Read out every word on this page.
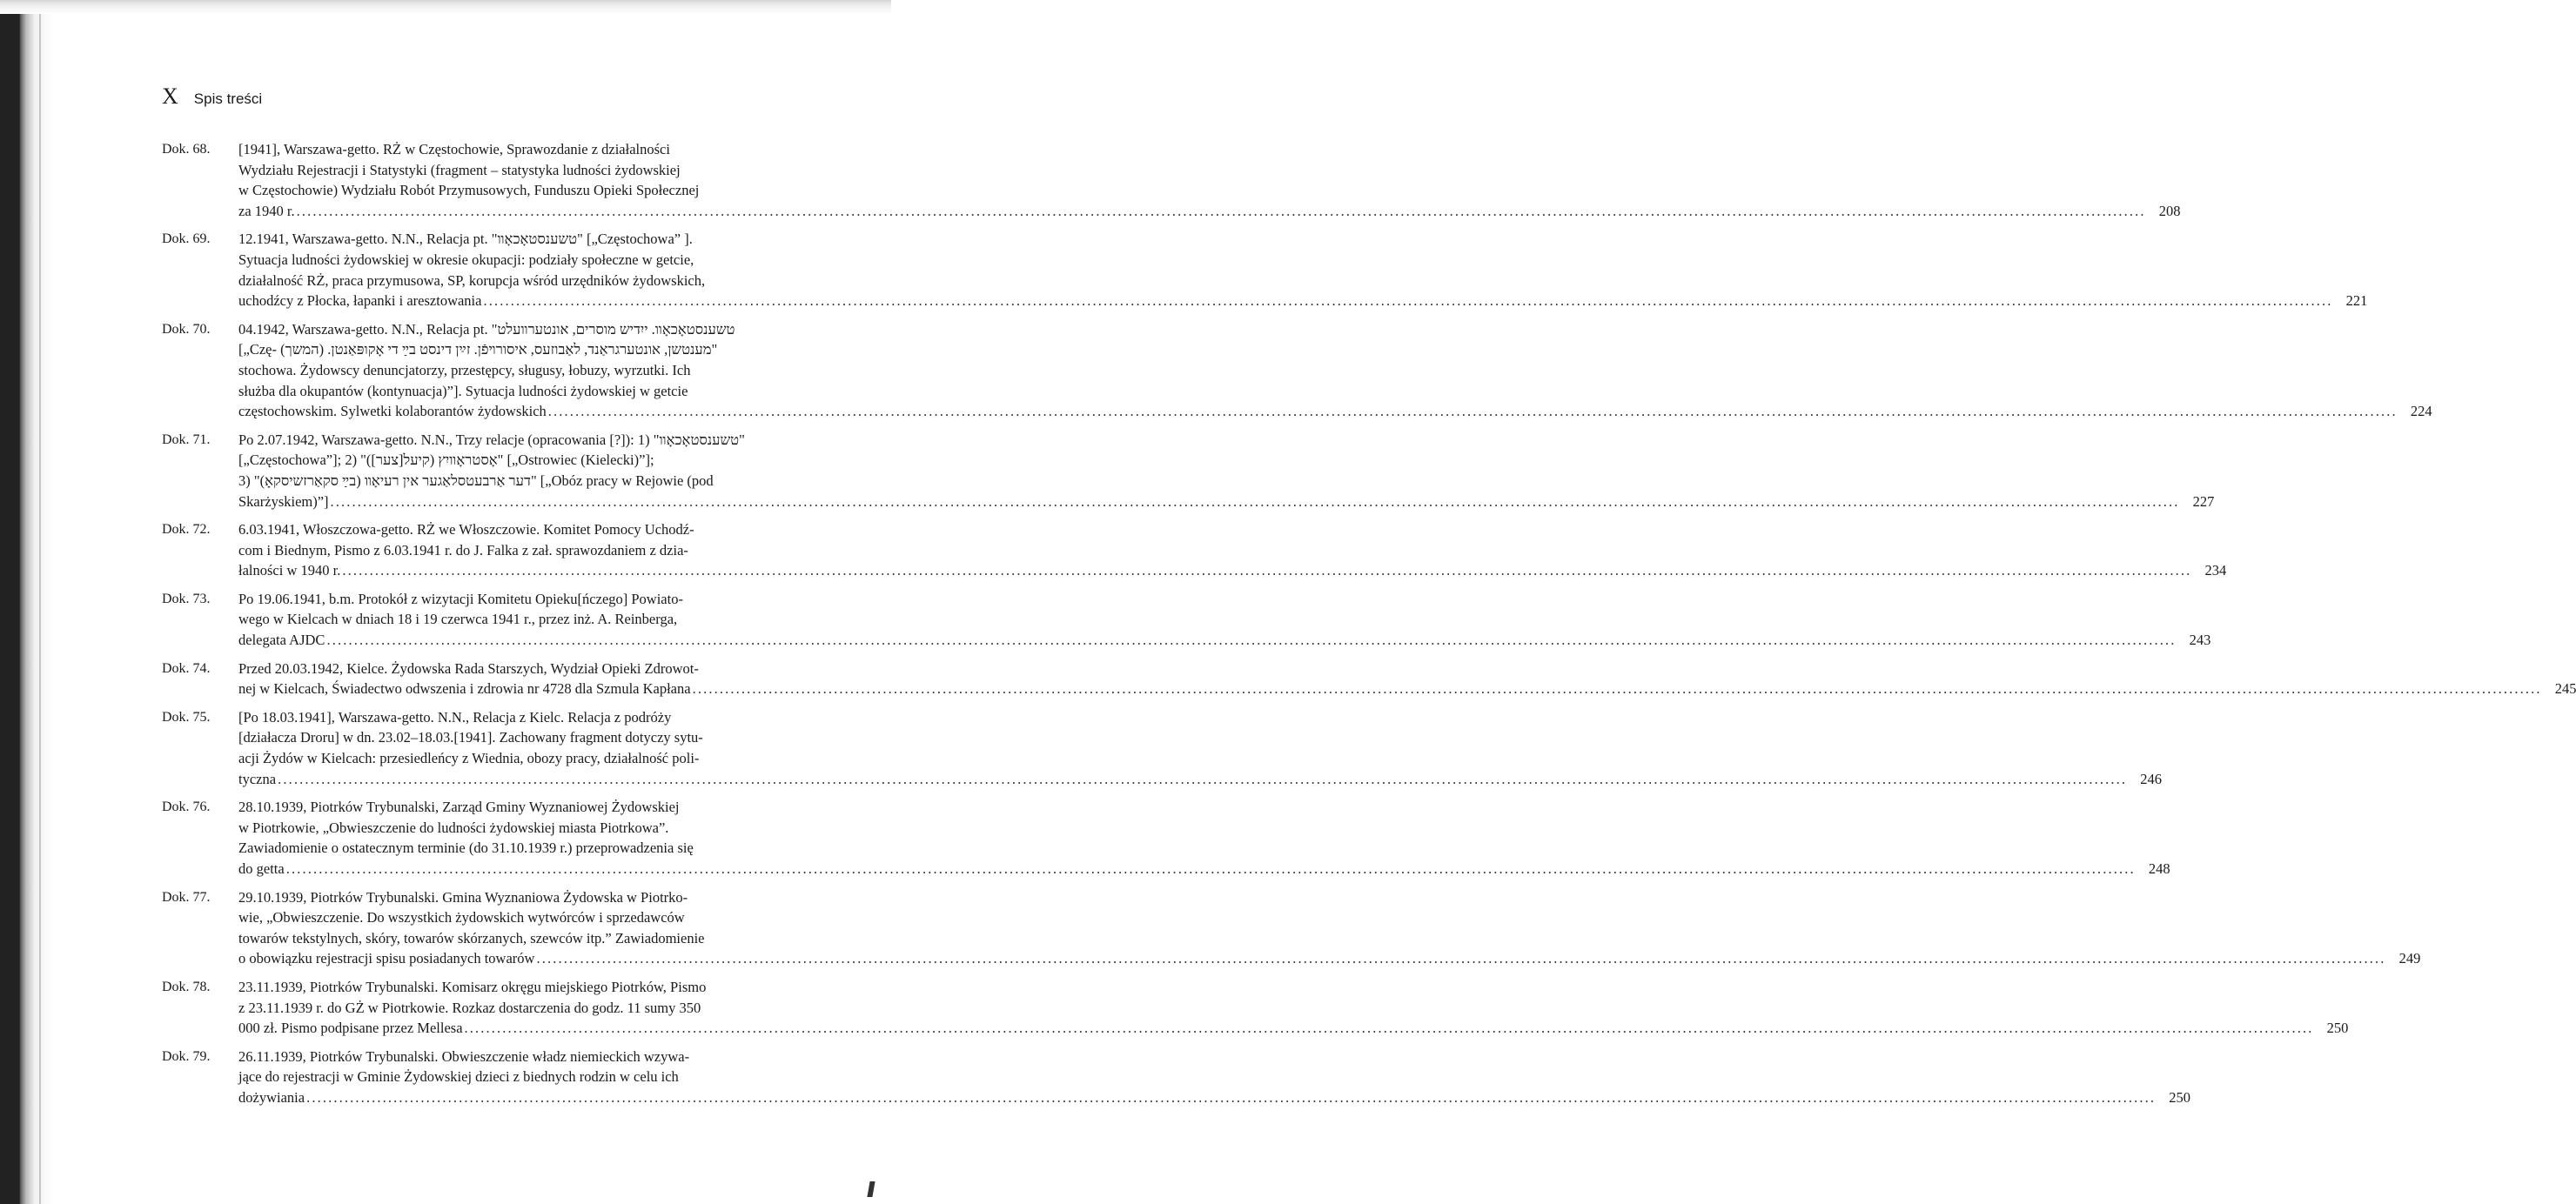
X Spis treści
Dok. 68.	[1941], Warszawa-getto. RŻ w Częstochowie, Sprawozdanie z działalności
Wydziału Rejestracji i Statystyki (fragment – statystyka ludności żydowskiej
w Częstochowie) Wydziału Robót Przymusowych, Funduszu Opieki Społecznej
za 1940 r. . . .	208
Dok. 69.	12.1941, Warszawa-getto. N.N., Relacja pt. "טשענסטאָכאָװ" [„Częstochowa” ].
Sytuacja ludności żydowskiej w okresie okupacji: podziały społeczne w getcie,
działalność RŻ, praca przymusowa, SP, korupcja wśród urzędników żydowskich,
uchodźcy z Płocka, łapanki i aresztowania . . .	221
Dok. 70.	04.1942, Warszawa-getto. N.N., Relacja pt. "טשענסטאָכאָװ. ייִדיש מוסרים, אונטערװעלט
[„Czę- מענטשן, אונטערגראַנד, לאַבוזעס, איסורױפֿן. זײַן דינסט בײַ די אָקופּאַנטן. (המשך)"
stochowa. Żydowscy denuncjatorzy, przestępcy, sługusy, łobuzy, wyrzutki. Ich
służba dla okupantów (kontynuacja)”]. Sytuacja ludności żydowskiej w getcie
częstochowskim. Sylwetki kolaborantów żydowskich . . .	224
Dok. 71.	Po 2.07.1942, Warszawa-getto. N.N., Trzy relacje (opracowania [?]): 1) "טשענסטאָכאָװ"
[„Częstochowa”]; 2) "אָסטראָװיִץ (קיעל[צער])" [„Ostrowiec (Kielecki)”];
3) "דער אַרבעטסלאַגער אין רעיאָװ (בײַ סקאַרזשיסקאָ)" [„Obóz pracy w Rejowie (pod
Skarżyskiem)”] . . .	227
Dok. 72.	6.03.1941, Włoszczowa-getto. RŻ we Włoszczowie. Komitet Pomocy Uchodź-
com i Biednym, Pismo z 6.03.1941 r. do J. Falka z zał. sprawozdaniem z dzia-
łalności w 1940 r. . . .	234
Dok. 73.	Po 19.06.1941, b.m. Protokół z wizytacji Komitetu Opieku[ńczego] Powiato-
wego w Kielcach w dniach 18 i 19 czerwca 1941 r., przez inż. A. Reinberga,
delegata AJDC . . .	243
Dok. 74.	Przed 20.03.1942, Kielce. Żydowska Rada Starszych, Wydział Opieki Zdrowot-
nej w Kielcach, Świadectwo odwszenia i zdrowia nr 4728 dla Szmula Kapłana . . .	245
Dok. 75.	[Po 18.03.1941], Warszawa-getto. N.N., Relacja z Kielc. Relacja z podróży
[działacza Droru] w dn. 23.02–18.03.[1941]. Zachowany fragment dotyczy sytu-
acji Żydów w Kielcach: przesiedleńcy z Wiednia, obozy pracy, działalność poli-
tyczna . . .	246
Dok. 76.	28.10.1939, Piotrków Trybunalski, Zarząd Gminy Wyznaniowej Żydowskiej
w Piotrkowie, „Obwieszczenie do ludności żydowskiej miasta Piotrkowa”.
Zawiadomienie o ostatecznym terminie (do 31.10.1939 r.) przeprowadzenia się
do getta . . .	248
Dok. 77.	29.10.1939, Piotrków Trybunalski. Gmina Wyznaniowa Żydowska w Piotrko-
wie, „Obwieszczenie. Do wszystkich żydowskich wytwórców i sprzedawców
towarów tekstylnych, skóry, towarów skórzanych, szewców itp.” Zawiadomienie
o obowiązku rejestracji spisu posiadanych towarów . . .	249
Dok. 78.	23.11.1939, Piotrków Trybunalski. Komisarz okręgu miejskiego Piotrków, Pismo
z 23.11.1939 r. do GŻ w Piotrkowie. Rozkaz dostarczenia do godz. 11 sumy 350
000 zł. Pismo podpisane przez Mellesa . . .	250
Dok. 79.	26.11.1939, Piotrków Trybunalski. Obwieszczenie władz niemieckich wzywa-
jące do rejestracji w Gminie Żydowskiej dzieci z biednych rodzin w celu ich
dożywiania . . .	250
